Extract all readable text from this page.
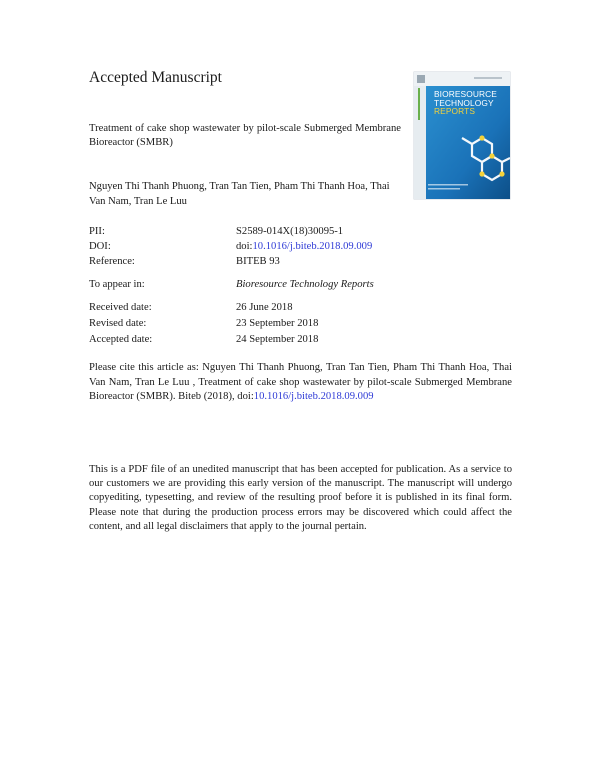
Accepted Manuscript
Treatment of cake shop wastewater by pilot-scale Submerged Membrane Bioreactor (SMBR)
Nguyen Thi Thanh Phuong, Tran Tan Tien, Pham Thi Thanh Hoa, Thai Van Nam, Tran Le Luu
PII:	S2589-014X(18)30095-1
DOI:	doi:10.1016/j.biteb.2018.09.009
Reference:	BITEB 93
To appear in:	Bioresource Technology Reports
Received date:	26 June 2018
Revised date:	23 September 2018
Accepted date:	24 September 2018
Please cite this article as: Nguyen Thi Thanh Phuong, Tran Tan Tien, Pham Thi Thanh Hoa, Thai Van Nam, Tran Le Luu , Treatment of cake shop wastewater by pilot-scale Submerged Membrane Bioreactor (SMBR). Biteb (2018), doi:10.1016/j.biteb.2018.09.009
This is a PDF file of an unedited manuscript that has been accepted for publication. As a service to our customers we are providing this early version of the manuscript. The manuscript will undergo copyediting, typesetting, and review of the resulting proof before it is published in its final form. Please note that during the production process errors may be discovered which could affect the content, and all legal disclaimers that apply to the journal pertain.
BIORESOURCE
TECHNOLOGY
REPORTS
